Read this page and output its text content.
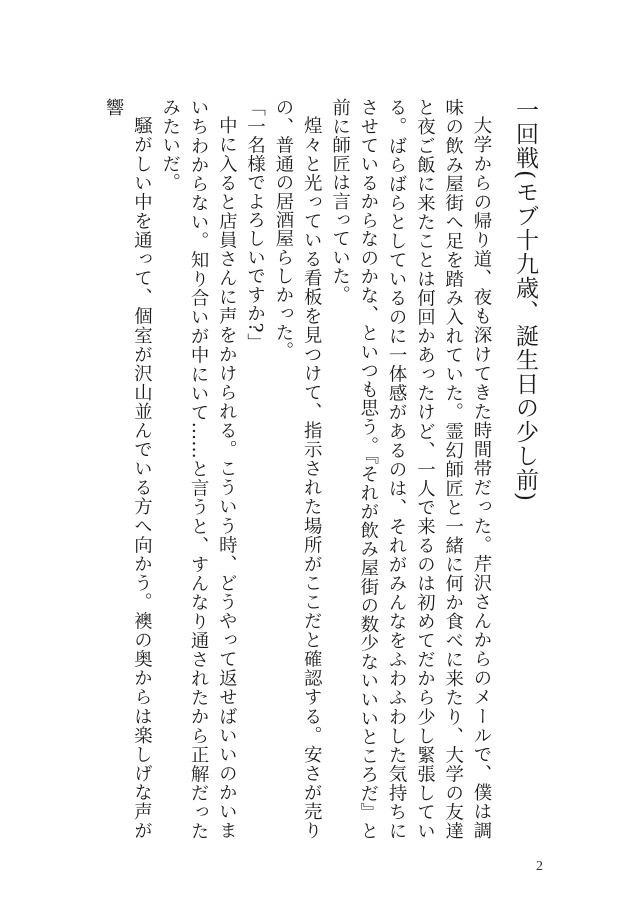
一回戦(モブ十九歳、誕生日の少し前)

大学からの帰り道、夜も深けてきた時間帯だった。芹沢さんからのメールで、僕は調味の飲み屋街へ足を踏み入れていた。霊幻師匠と一緒に何か食べに来たり、大学の友達と夜ご飯に来たことは何回かあったけど、一人で来るのは初めてだから少し緊張している。ばらばらとしているのに一体感があるのは、それがみんなをふわふわした気持ちにさせているからなのかな、といつも思う。『それが飲み屋街の数少ないいいところだ』と前に師匠は言っていた。

煌々と光っている看板を見つけて、指示された場所がここだと確認する。安さが売りの、普通の居酒屋らしかった。

「一名様でよろしいですか?」

中に入ると店員さんに声をかけられる。こういう時、どうやって返せばいいのかいまいちわからない。知り合いが中にいて……と言うと、すんなり通されたから正解だったみたいだ。

騒がしい中を通って、個室が沢山並んでいる方へ向かう。襖の奥からは楽しげな声が響

2
